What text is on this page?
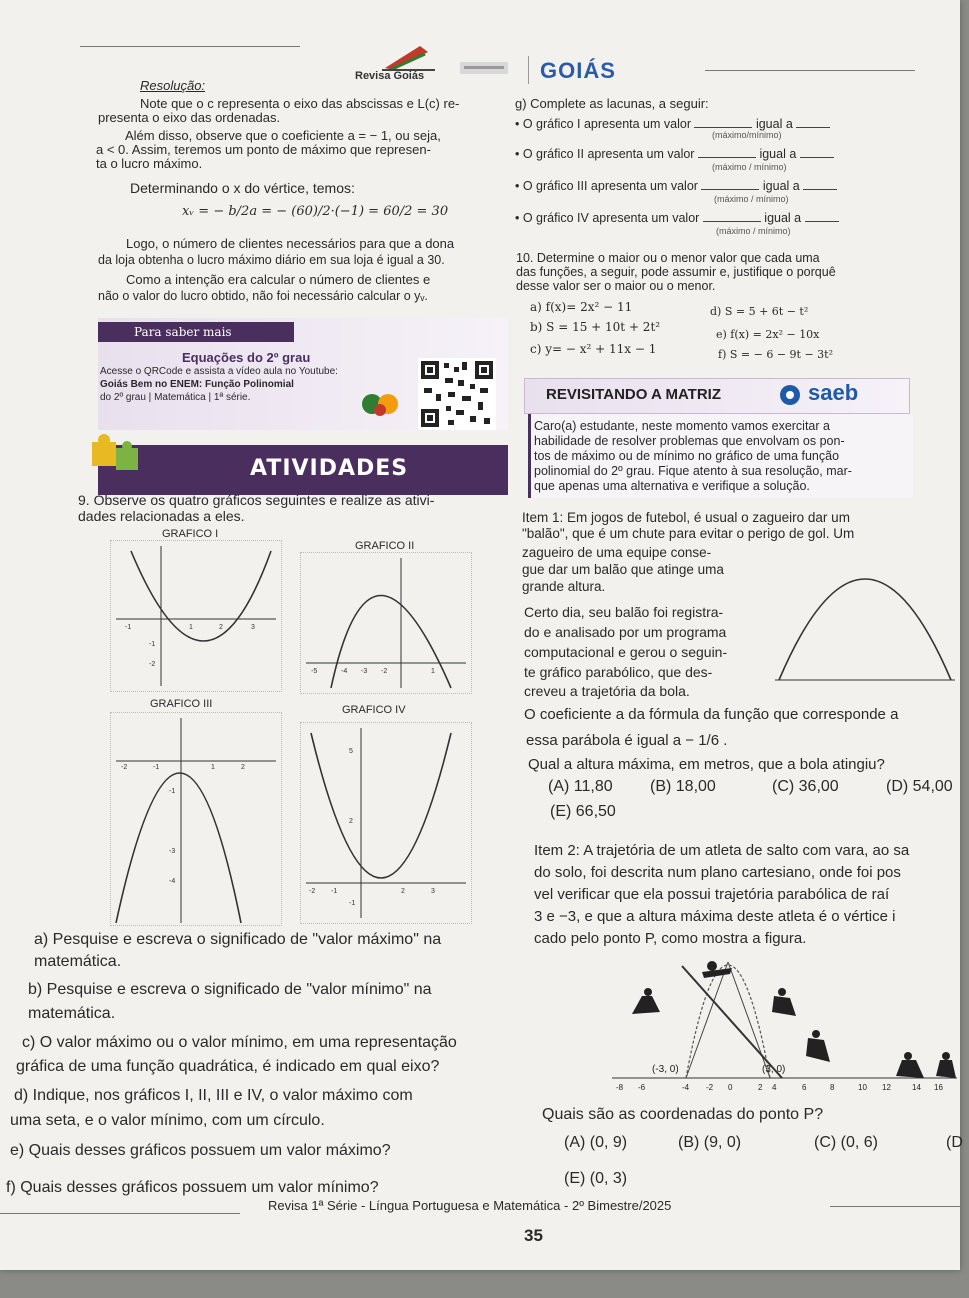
Revisa Goiás	GOIÁS
Resolução:
Note que o c representa o eixo das abscissas e L(c) re-
presenta o eixo das ordenadas.
Além disso, observe que o coeficiente a = − 1, ou seja,
a < 0. Assim, teremos um ponto de máximo que represen-
ta o lucro máximo.
Determinando o x do vértice, temos:
xᵥ = − b/2a = − (60)/2·(−1) = 60/2 = 30
Logo, o número de clientes necessários para que a dona
da loja obtenha o lucro máximo diário em sua loja é igual a 30.
Como a intenção era calcular o número de clientes e
não o valor do lucro obtido, não foi necessário calcular o yᵥ.
Para saber mais
Equações do 2º grau
Acesse o QRCode e assista a vídeo aula no Youtube:
Goiás Bem no ENEM: Função Polinomial
do 2º grau | Matemática | 1ª série.
ATIVIDADES
9. Observe os quatro gráficos seguintes e realize as ativi-
dades relacionadas a eles.
GRAFICO I
-1	1	2	3
-1
-2
GRAFICO II
-5	-4 -3 -2	1
GRAFICO III
-2	-1	1	2
-1
-3
-4
GRAFICO IV
-2 -1	2	3
5
2
-1
a) Pesquise e escreva o significado de "valor máximo" na
matemática.
b) Pesquise e escreva o significado de "valor mínimo" na
matemática.
c) O valor máximo ou o valor mínimo, em uma representação
gráfica de uma função quadrática, é indicado em qual eixo?
d) Indique, nos gráficos I, II, III e IV, o valor máximo com
uma seta, e o valor mínimo, com um círculo.
e) Quais desses gráficos possuem um valor máximo?
f) Quais desses gráficos possuem um valor mínimo?
g) Complete as lacunas, a seguir:
• O gráfico I apresenta um valor	igual a
(máximo/mínimo)
• O gráfico II apresenta um valor	igual a
(máximo / mínimo)
• O gráfico III apresenta um valor	igual a
(máximo / mínimo)
• O gráfico IV apresenta um valor	igual a
(máximo / mínimo)
10. Determine o maior ou o menor valor que cada uma
das funções, a seguir, pode assumir e, justifique o porquê
desse valor ser o maior ou o menor.
a) f(x)= 2x² − 11
b) S = 15 + 10t + 2t²
c) y= − x² + 11x − 1
d) S = 5 + 6t − t²
e) f(x) = 2x² − 10x
f) S = − 6 − 9t − 3t²
REVISITANDO A MATRIZ	saeb
Caro(a) estudante, neste momento vamos exercitar a
habilidade de resolver problemas que envolvam os pon-
tos de máximo ou de mínimo no gráfico de uma função
polinomial do 2º grau. Fique atento à sua resolução, mar-
que apenas uma alternativa e verifique a solução.
Item 1: Em jogos de futebol, é usual o zagueiro dar um
"balão", que é um chute para evitar o perigo de gol. Um
zagueiro de uma equipe conse-
gue dar um balão que atinge uma
grande altura.
Certo dia, seu balão foi registra-
do e analisado por um programa
computacional e gerou o seguin-
te gráfico parabólico, que des-
creveu a trajetória da bola.
O coeficiente a da fórmula da função que corresponde a
essa parábola é igual a − 1/6 .
Qual a altura máxima, em metros, que a bola atingiu?
(A) 11,80 (B) 18,00	(C) 36,00	(D) 54,00
(E) 66,50
Item 2: A trajetória de um atleta de salto com vara, ao sa
do solo, foi descrita num plano cartesiano, onde foi pos
vel verificar que ela possui trajetória parabólica de raí
3 e −3, e que a altura máxima deste atleta é o vértice i
cado pelo ponto P, como mostra a figura.
-8 -6	-4 -2 0	2 4	6	8	10 12	14 16
(-3, 0)	(3, 0)
Quais são as coordenadas do ponto P?
(A) (0, 9)	(B) (9, 0)	(C) (0, 6)	(D
(E) (0, 3)
Revisa 1ª Série - Língua Portuguesa e Matemática - 2º Bimestre/2025
35
